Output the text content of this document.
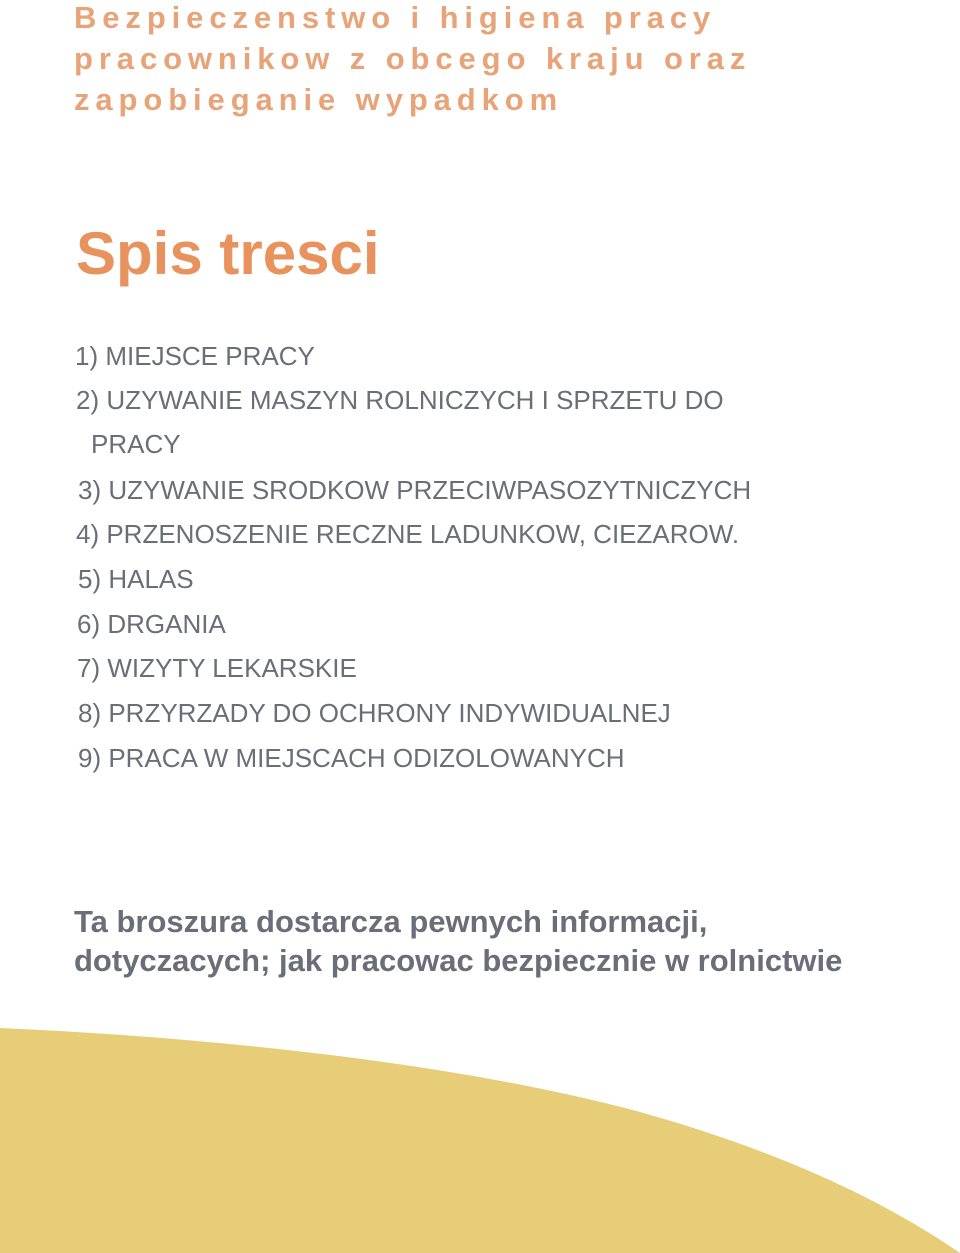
Bezpieczenstwo i higiena pracy

pracownikow z obcego kraju oraz

zapobieganie wypadkom

Spis tresci

1) MIEJSCE PRACY

2) UZYWANIE MASZYN ROLNICZYCH I SPRZETU DO

PRACY

3) UZYWANIE SRODKOW PRZECIWPASOZYTNICZYCH

4) PRZENOSZENIE RECZNE LADUNKOW, CIEZAROW.

5) HALAS

6) DRGANIA

7) WIZYTY LEKARSKIE

8) PRZYRZADY DO OCHRONY INDYWIDUALNEJ

9) PRACA W MIEJSCACH ODIZOLOWANYCH

Ta broszura dostarcza pewnych informacji,

dotyczacych; jak pracowac bezpiecznie w rolnictwie
